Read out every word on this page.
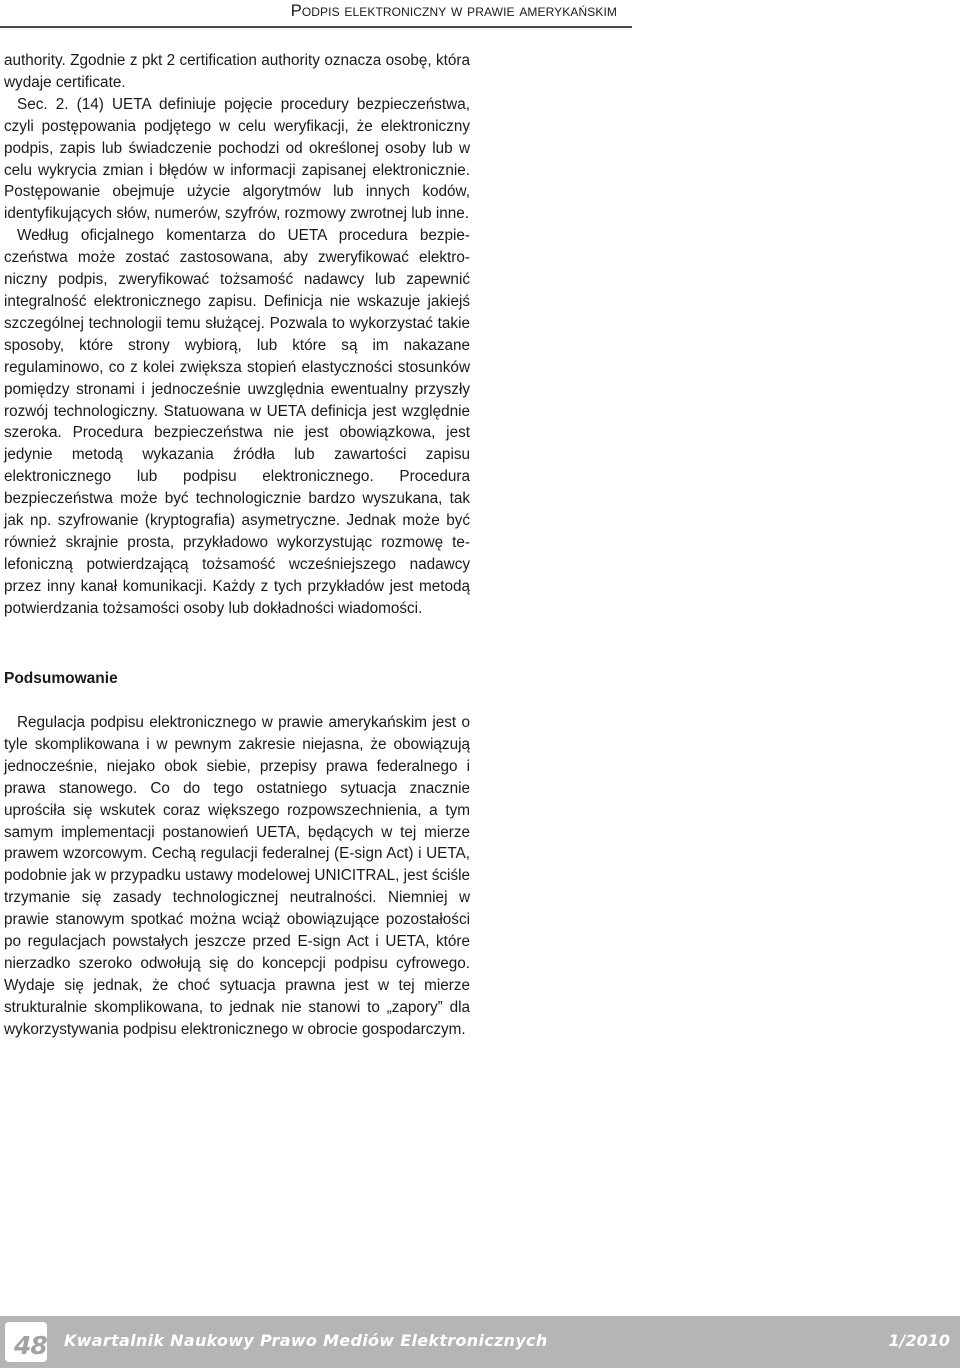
Podpis elektroniczny w prawie amerykańskim

authority. Zgodnie z pkt 2 certification authority oznacza osobę, która wydaje certificate.

Sec. 2. (14) UETA definiuje pojęcie procedury bezpieczeństwa, czyli postępowania podjętego w celu weryfikacji, że elektroniczny podpis, zapis lub świadczenie pochodzi od określonej osoby lub w celu wykrycia zmian i błędów w informacji zapisanej elektronicznie. Postępowanie obejmuje użycie algorytmów lub innych kodów, identyfikujących słów, numerów, szyfrów, rozmowy zwrotnej lub inne.

Według oficjalnego komentarza do UETA procedura bezpieczeństwa może zostać zastosowana, aby zweryfikować elektroniczny podpis, zweryfikować tożsamość nadawcy lub zapewnić integralność elektronicznego zapisu. Definicja nie wskazuje jakiejś szczególnej technologii temu służącej. Pozwala to wykorzystać takie sposoby, które strony wybiorą, lub które są im nakazane regulaminowo, co z kolei zwiększa stopień elastyczności stosunków pomiędzy stronami i jednocześnie uwzględnia ewentualny przyszły rozwój technologiczny. Statuowana w UETA definicja jest względnie szeroka. Procedura bezpieczeństwa nie jest obowiązkowa, jest jedynie metodą wykazania źródła lub zawartości zapisu elektronicznego lub podpisu elektronicznego. Procedura bezpieczeństwa może być technologicznie bardzo wyszukana, tak jak np. szyfrowanie (kryptografia) asymetryczne. Jednak może być również skrajnie prosta, przykładowo wykorzystując rozmowę telefoniczną potwierdzającą tożsamość wcześniejszego nadawcy przez inny kanał komunikacji. Każdy z tych przykładów jest metodą potwierdzania tożsamości osoby lub dokładności wiadomości.

Podsumowanie

Regulacja podpisu elektronicznego w prawie amerykańskim jest o tyle skomplikowana i w pewnym zakresie niejasna, że obowiązują jednocześnie, niejako obok siebie, przepisy prawa federalnego i prawa stanowego. Co do tego ostatniego sytuacja znacznie uprościła się wskutek coraz większego rozpowszechnienia, a tym samym implementacji postanowień UETA, będących w tej mierze prawem wzorcowym. Cechą regulacji federalnej (E-sign Act) i UETA, podobnie jak w przypadku ustawy modelowej UNICITRAL, jest ściśle trzymanie się zasady technologicznej neutralności. Niemniej w prawie stanowym spotkać można wciąż obowiązujące pozostałości po regulacjach powstałych jeszcze przed E-sign Act i UETA, które nierzadko szeroko odwołują się do koncepcji podpisu cyfrowego. Wydaje się jednak, że choć sytuacja prawna jest w tej mierze strukturalnie skomplikowana, to jednak nie stanowi to „zapory” dla wykorzystywania podpisu elektronicznego w obrocie gospodarczym.

48 Kwartalnik Naukowy Prawo Mediów Elektronicznych	1/2010
